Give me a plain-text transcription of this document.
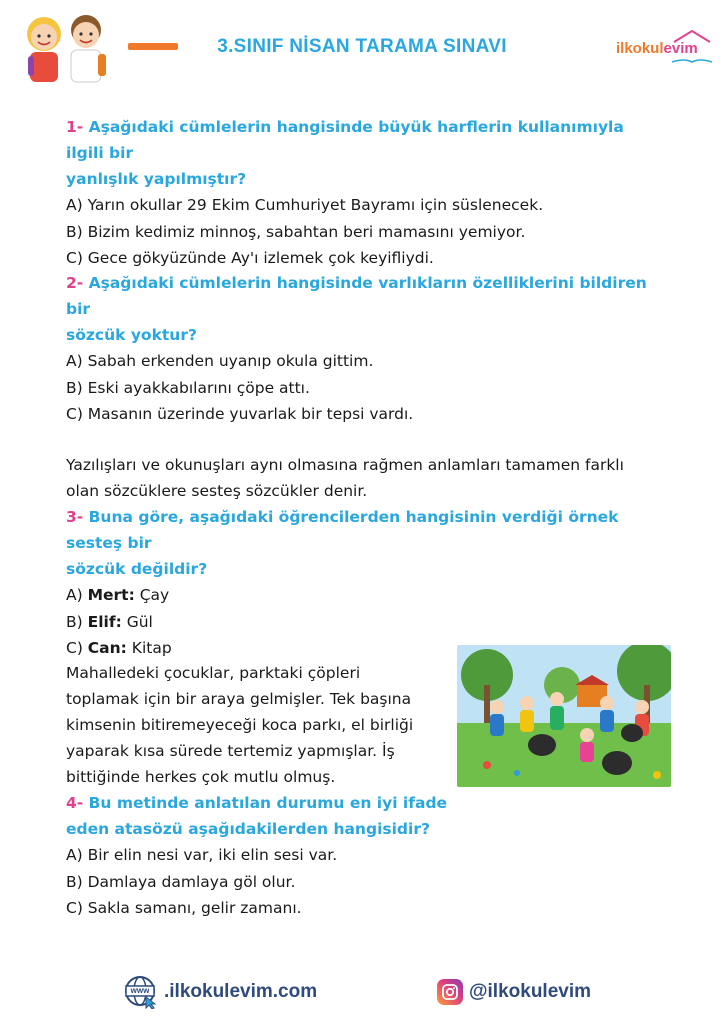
3.SINIF NİSAN TARAMA SINAVI	ilkokulevim
1- Aşağıdaki cümlelerin hangisinde büyük harflerin kullanımıyla ilgili bir
yanlışlık yapılmıştır?
A) Yarın okullar 29 Ekim Cumhuriyet Bayramı için süslenecek.
B) Bizim kedimiz minnoş, sabahtan beri mamasını yemiyor.
C) Gece gökyüzünde Ay'ı izlemek çok keyifliydi.
2- Aşağıdaki cümlelerin hangisinde varlıkların özelliklerini bildiren bir
sözcük yoktur?
A) Sabah erkenden uyanıp okula gittim.
B) Eski ayakkabılarını çöpe attı.
C) Masanın üzerinde yuvarlak bir tepsi vardı.
Yazılışları ve okunuşları aynı olmasına rağmen anlamları tamamen farklı
olan sözcüklere sesteş sözcükler denir.
3- Buna göre, aşağıdaki öğrencilerden hangisinin verdiği örnek sesteş bir
sözcük değildir?
A) Mert: Çay
B) Elif: Gül
C) Can: Kitap
Mahalledeki çocuklar, parktaki çöpleri
toplamak için bir araya gelmişler. Tek başına
kimsenin bitiremeyeceği koca parkı, el birliği
yaparak kısa sürede tertemiz yapmışlar. İş
bittiğinde herkes çok mutlu olmuş.
4- Bu metinde anlatılan durumu en iyi ifade
eden atasözü aşağıdakilerden hangisidir?
A) Bir elin nesi var, iki elin sesi var.
B) Damlaya damlaya göl olur.
C) Sakla samanı, gelir zamanı.
www .ilkokulevim.com	@ilkokulevim
